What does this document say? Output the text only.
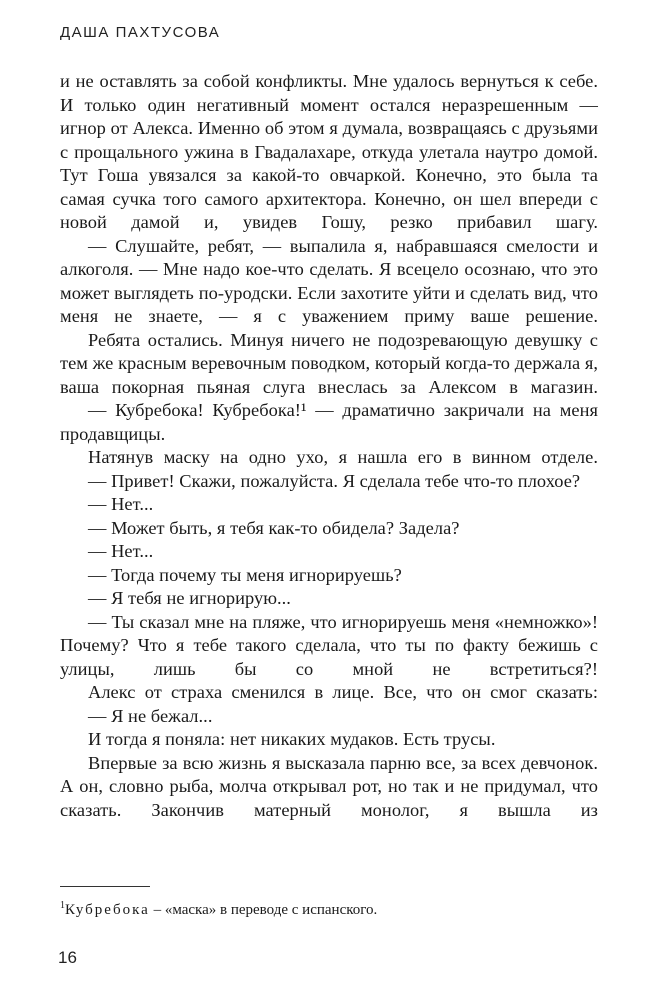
ДАША ПАХТУСОВА

и не оставлять за собой конфликты. Мне удалось вернуться к себе. И только один негативный момент остался неразрешенным — игнор от Алекса. Именно об этом я думала, возвращаясь с друзьями с прощального ужина в Гвадалахаре, откуда улетала наутро домой. Тут Гоша увязался за какой-то овчаркой. Конечно, это была та самая сучка того самого архитектора. Конечно, он шел впереди с новой дамой и, увидев Гошу, резко прибавил шагу.

— Слушайте, ребят, — выпалила я, набравшаяся смелости и алкоголя. — Мне надо кое-что сделать. Я всецело осознаю, что это может выглядеть по-уродски. Если захотите уйти и сделать вид, что меня не знаете, — я с уважением приму ваше решение.

Ребята остались. Минуя ничего не подозревающую девушку с тем же красным веревочным поводком, который когда-то держала я, ваша покорная пьяная слуга внеслась за Алексом в магазин.

— Кубребока! Кубребока!¹ — драматично закричали на меня продавщицы.

Натянув маску на одно ухо, я нашла его в винном отделе.

— Привет! Скажи, пожалуйста. Я сделала тебе что-то плохое?

— Нет...

— Может быть, я тебя как-то обидела? Задела?

— Нет...

— Тогда почему ты меня игнорируешь?

— Я тебя не игнорирую...

— Ты сказал мне на пляже, что игнорируешь меня «немножко»! Почему? Что я тебе такого сделала, что ты по факту бежишь с улицы, лишь бы со мной не встретиться?!

Алекс от страха сменился в лице. Все, что он смог сказать:

— Я не бежал...

И тогда я поняла: нет никаких мудаков. Есть трусы.

Впервые за всю жизнь я высказала парню все, за всех девчонок. А он, словно рыба, молча открывал рот, но так и не придумал, что сказать. Закончив матерный монолог, я вышла из

$^1$Кубребока – «маска» в переводе с испанского.
16
